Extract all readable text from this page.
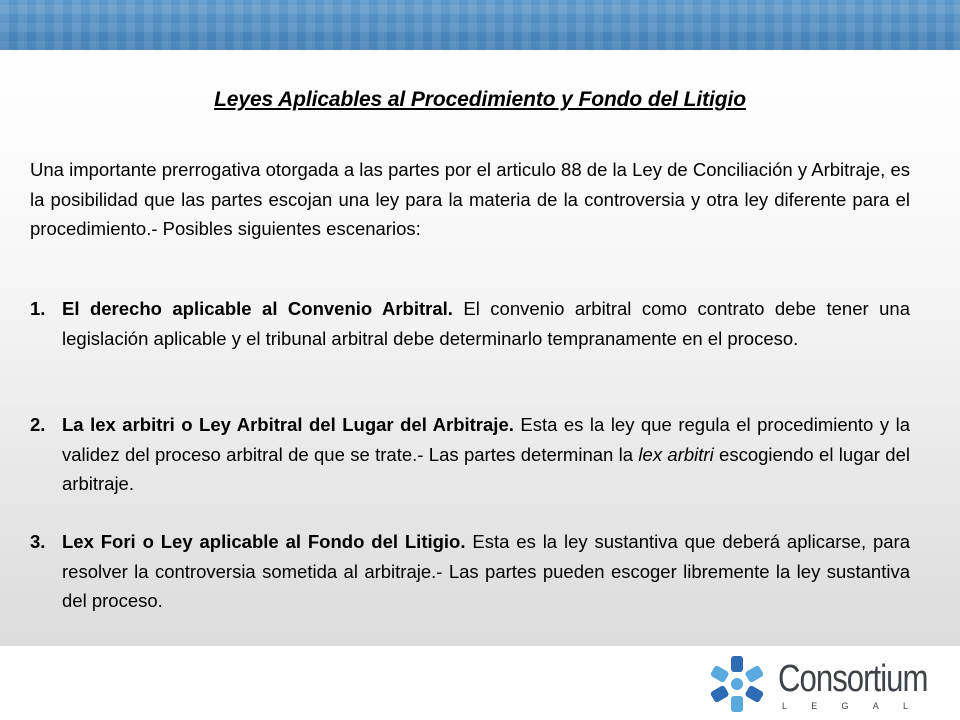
Leyes Aplicables al Procedimiento y Fondo del Litigio

Una importante prerrogativa otorgada a las partes por el articulo 88 de la Ley de Conciliación y Arbitraje, es la posibilidad que las partes escojan una ley para la materia de la controversia y otra ley diferente para el procedimiento.- Posibles siguientes escenarios:

1. El derecho aplicable al Convenio Arbitral. El convenio arbitral como contrato debe tener una legislación aplicable y el tribunal arbitral debe determinarlo tempranamente en el proceso.

2. La lex arbitri o Ley Arbitral del Lugar del Arbitraje. Esta es la ley que regula el procedimiento y la validez del proceso arbitral de que se trate.- Las partes determinan la lex arbitri escogiendo el lugar del arbitraje.

3. Lex Fori o Ley aplicable al Fondo del Litigio. Esta es la ley sustantiva que deberá aplicarse, para resolver la controversia sometida al arbitraje.- Las partes pueden escoger libremente la ley sustantiva del proceso.

Consortium
L	E	G	A	L
